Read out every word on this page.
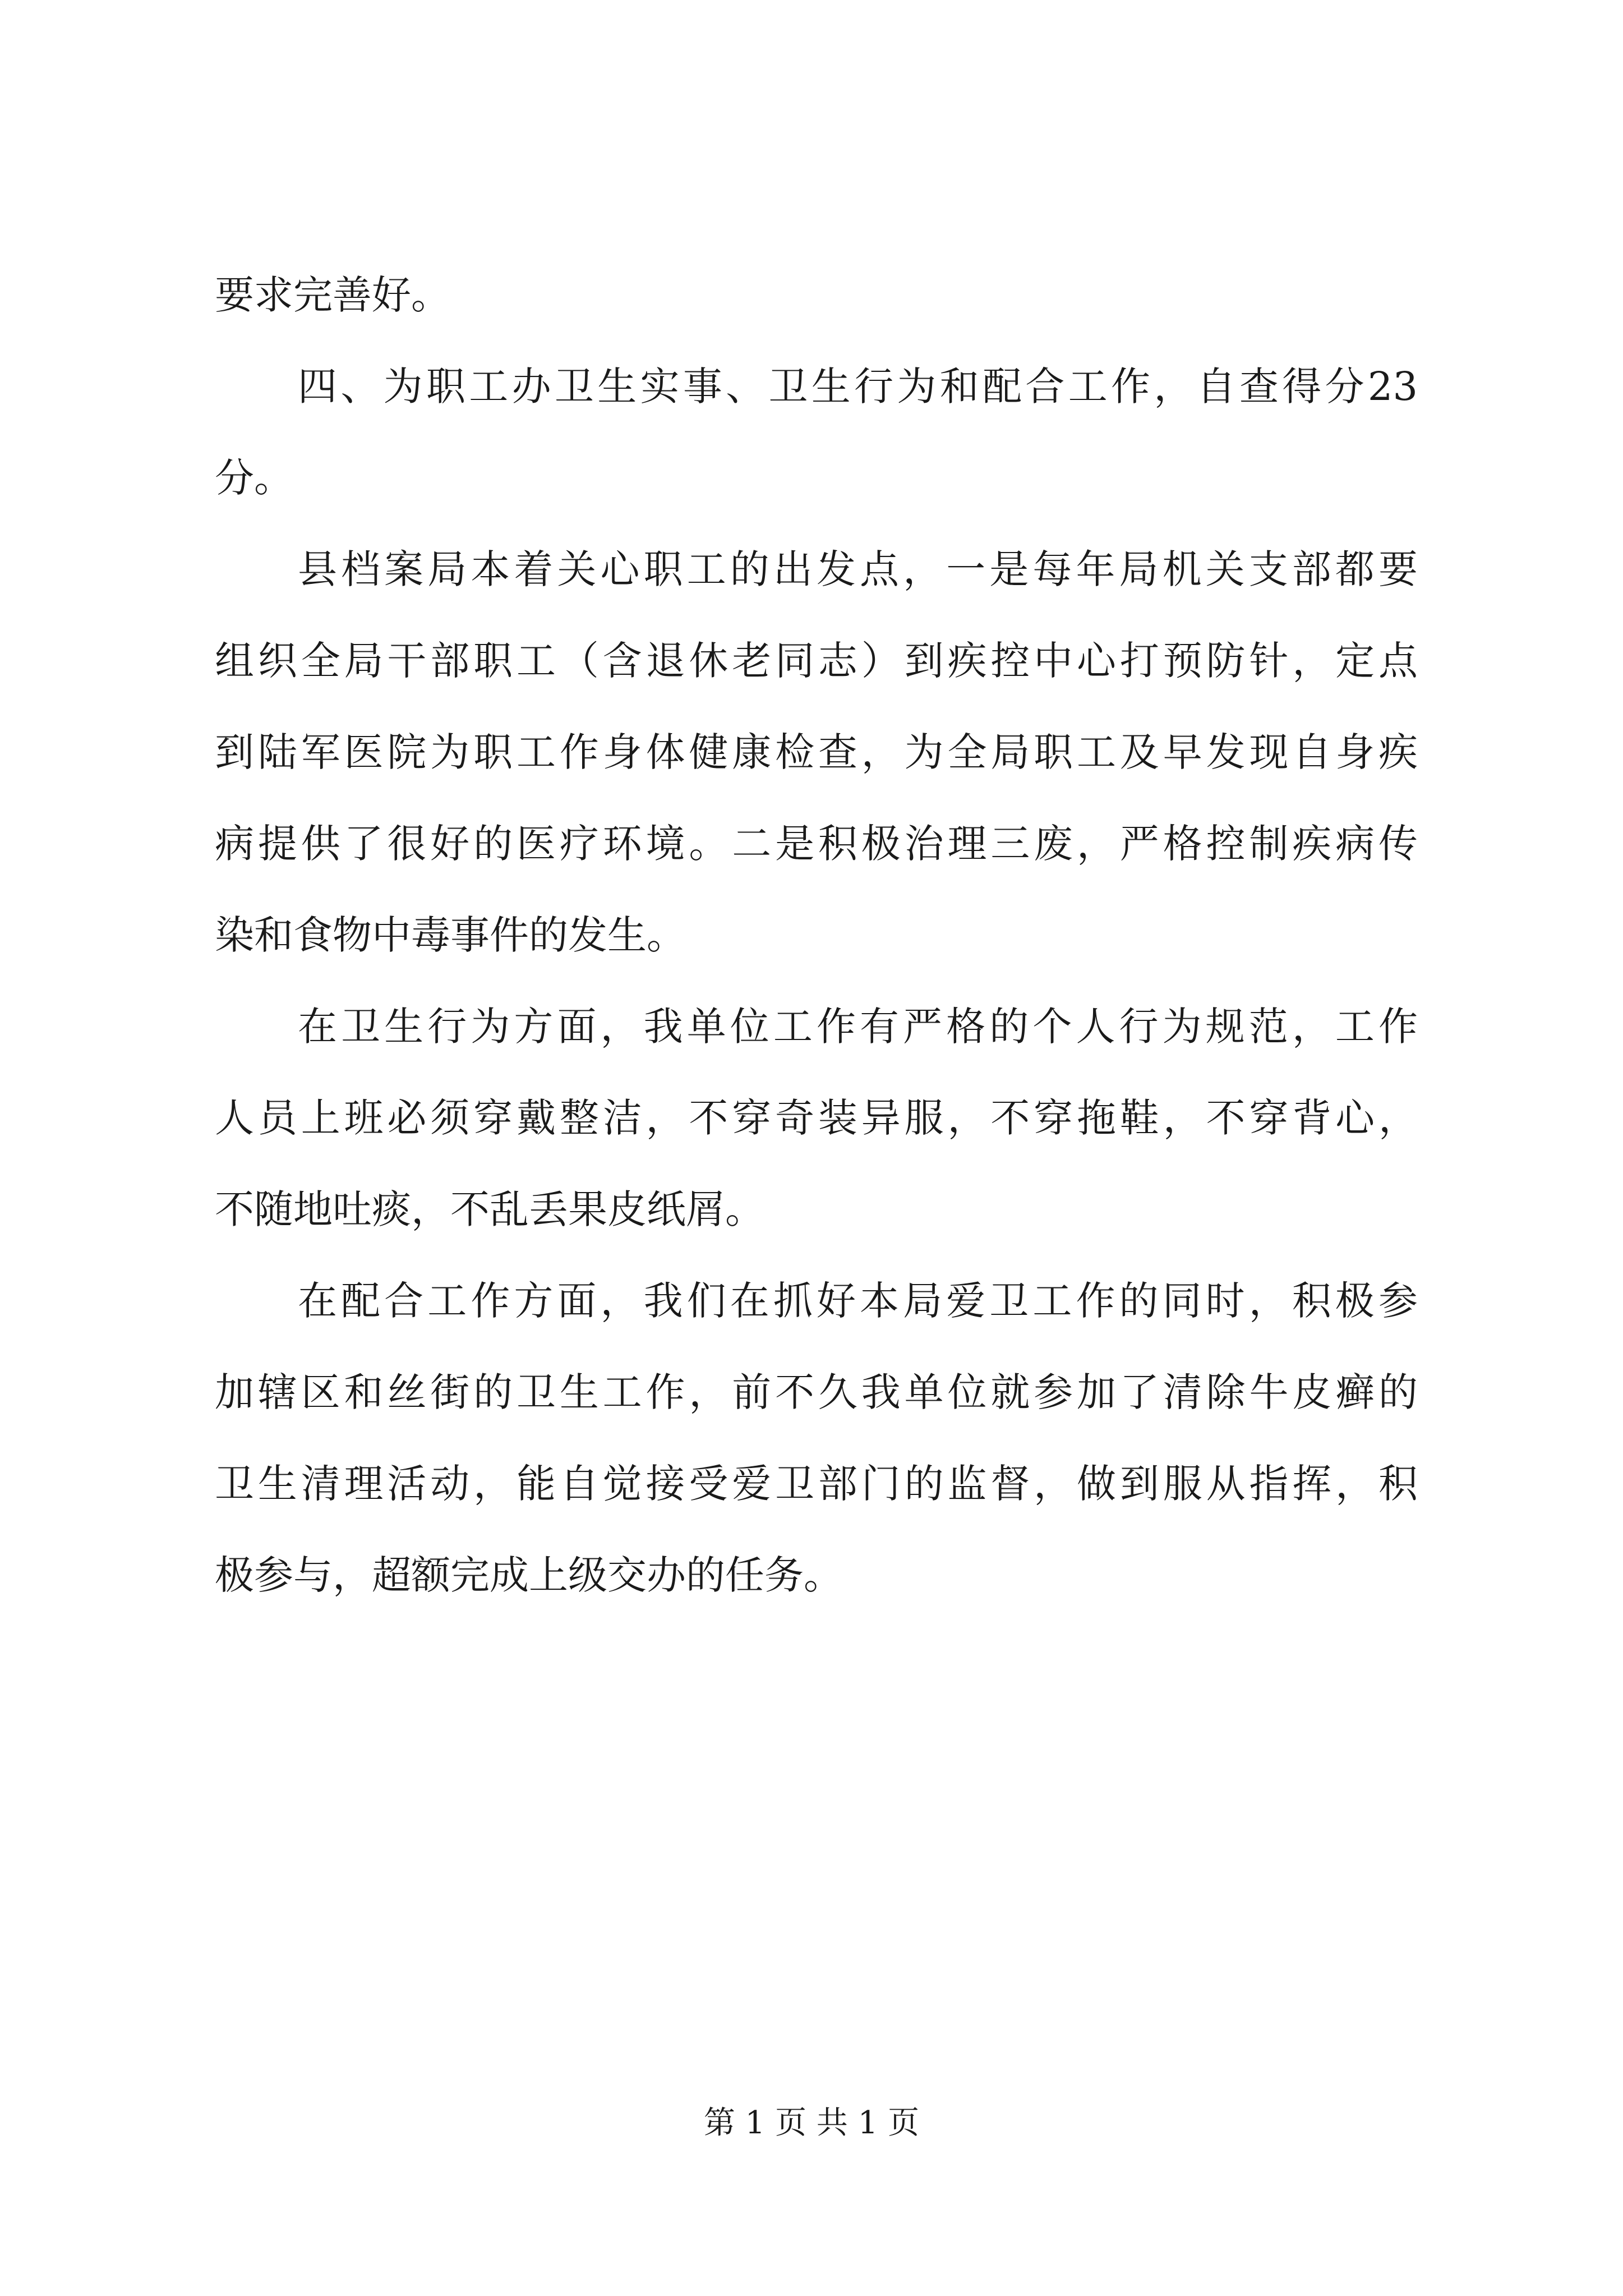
要求完善好。
四、为职工办卫生实事、卫生行为和配合工作，自查得分23
分。
县档案局本着关心职工的出发点，一是每年局机关支部都要
组织全局干部职工（含退休老同志）到疾控中心打预防针，定点
到陆军医院为职工作身体健康检查，为全局职工及早发现自身疾
病提供了很好的医疗环境。二是积极治理三废，严格控制疾病传
染和食物中毒事件的发生。
在卫生行为方面，我单位工作有严格的个人行为规范，工作
人员上班必须穿戴整洁，不穿奇装异服，不穿拖鞋，不穿背心，
不随地吐痰，不乱丢果皮纸屑。
在配合工作方面，我们在抓好本局爱卫工作的同时，积极参
加辖区和丝街的卫生工作，前不久我单位就参加了清除牛皮癣的
卫生清理活动，能自觉接受爱卫部门的监督，做到服从指挥，积
极参与，超额完成上级交办的任务。
第 1 页 共 1 页
